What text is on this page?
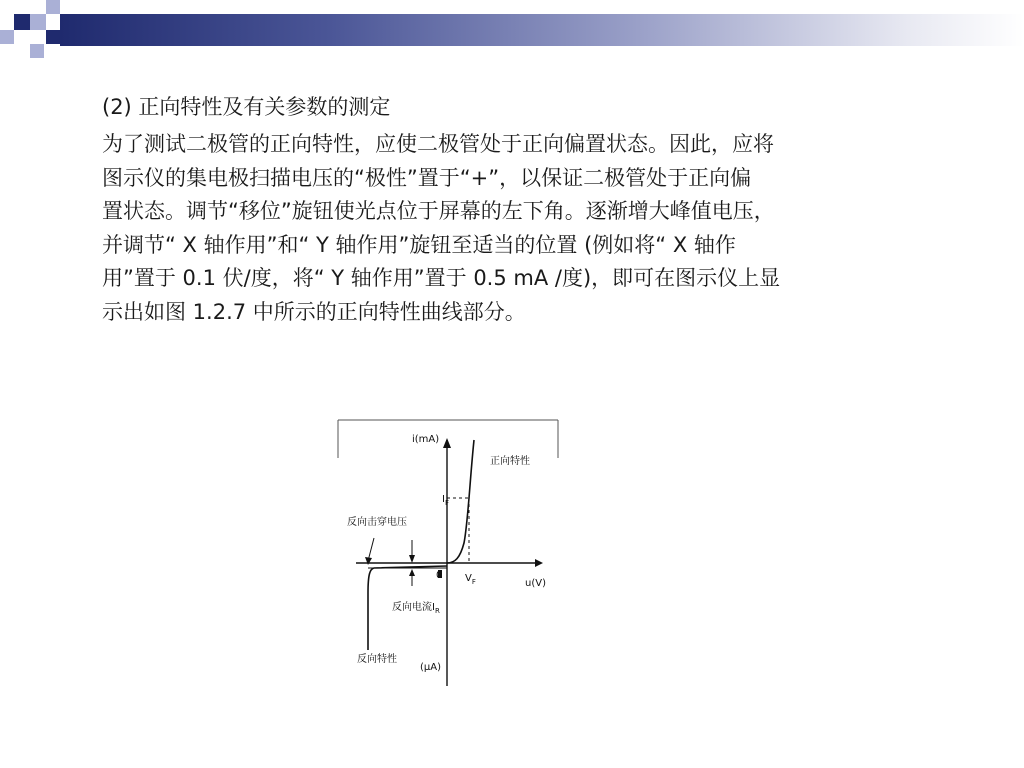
(2) 正向特性及有关参数的测定

为了测试二极管的正向特性，应使二极管处于正向偏置状态。因此，应将
图示仪的集电极扫描电压的“极性”置于“+”，以保证二极管处于正向偏
置状态。调节“移位”旋钮使光点位于屏幕的左下角。逐渐增大峰值电压，
并调节“ X 轴作用”和“ Y 轴作用”旋钮至适当的位置 (例如将“ X 轴作
用”置于 0.1 伏/度，将“ Y 轴作用”置于 0.5 mA /度)，即可在图示仪上显
示出如图 1.2.7 中所示的正向特性曲线部分。

i(mA)
正向特性
反向击穿电压
$I_F$
0 $V_F$	u(V)
反向电流$I_R$
反向特性
(μA)
